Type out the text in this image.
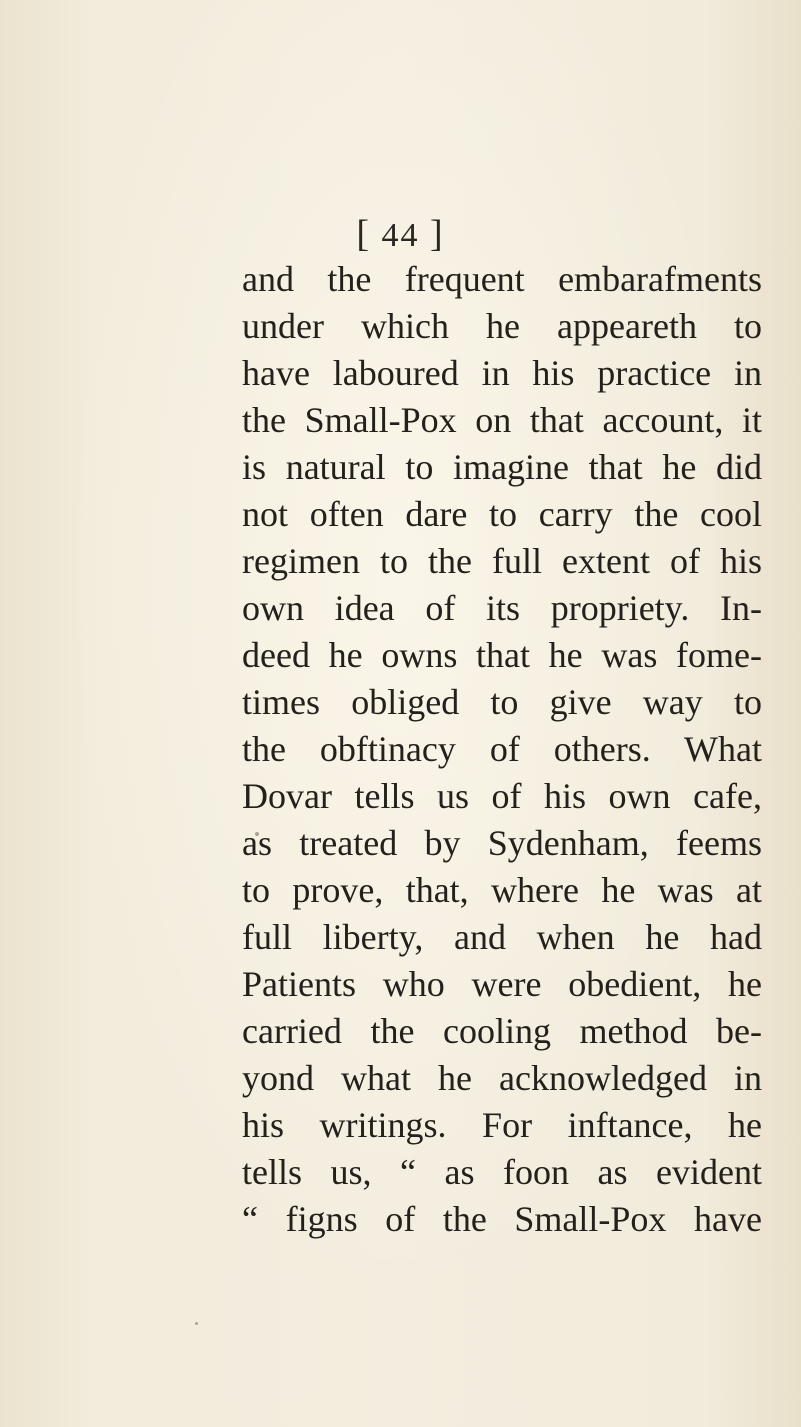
[ 44 ]
and the frequent embarafments
under which he appeareth to
have laboured in his practice in
the Small-Pox on that account, it
is natural to imagine that he did
not often dare to carry the cool
regimen to the full extent of his
own idea of its propriety. In-
deed he owns that he was fome-
times obliged to give way to
the obftinacy of others. What
Dovar tells us of his own cafe,
as treated by Sydenham, feems
to prove, that, where he was at
full liberty, and when he had
Patients who were obedient, he
carried the cooling method be-
yond what he acknowledged in
his writings. For inftance, he
tells us, “ as foon as evident
“ figns of the Small-Pox have
